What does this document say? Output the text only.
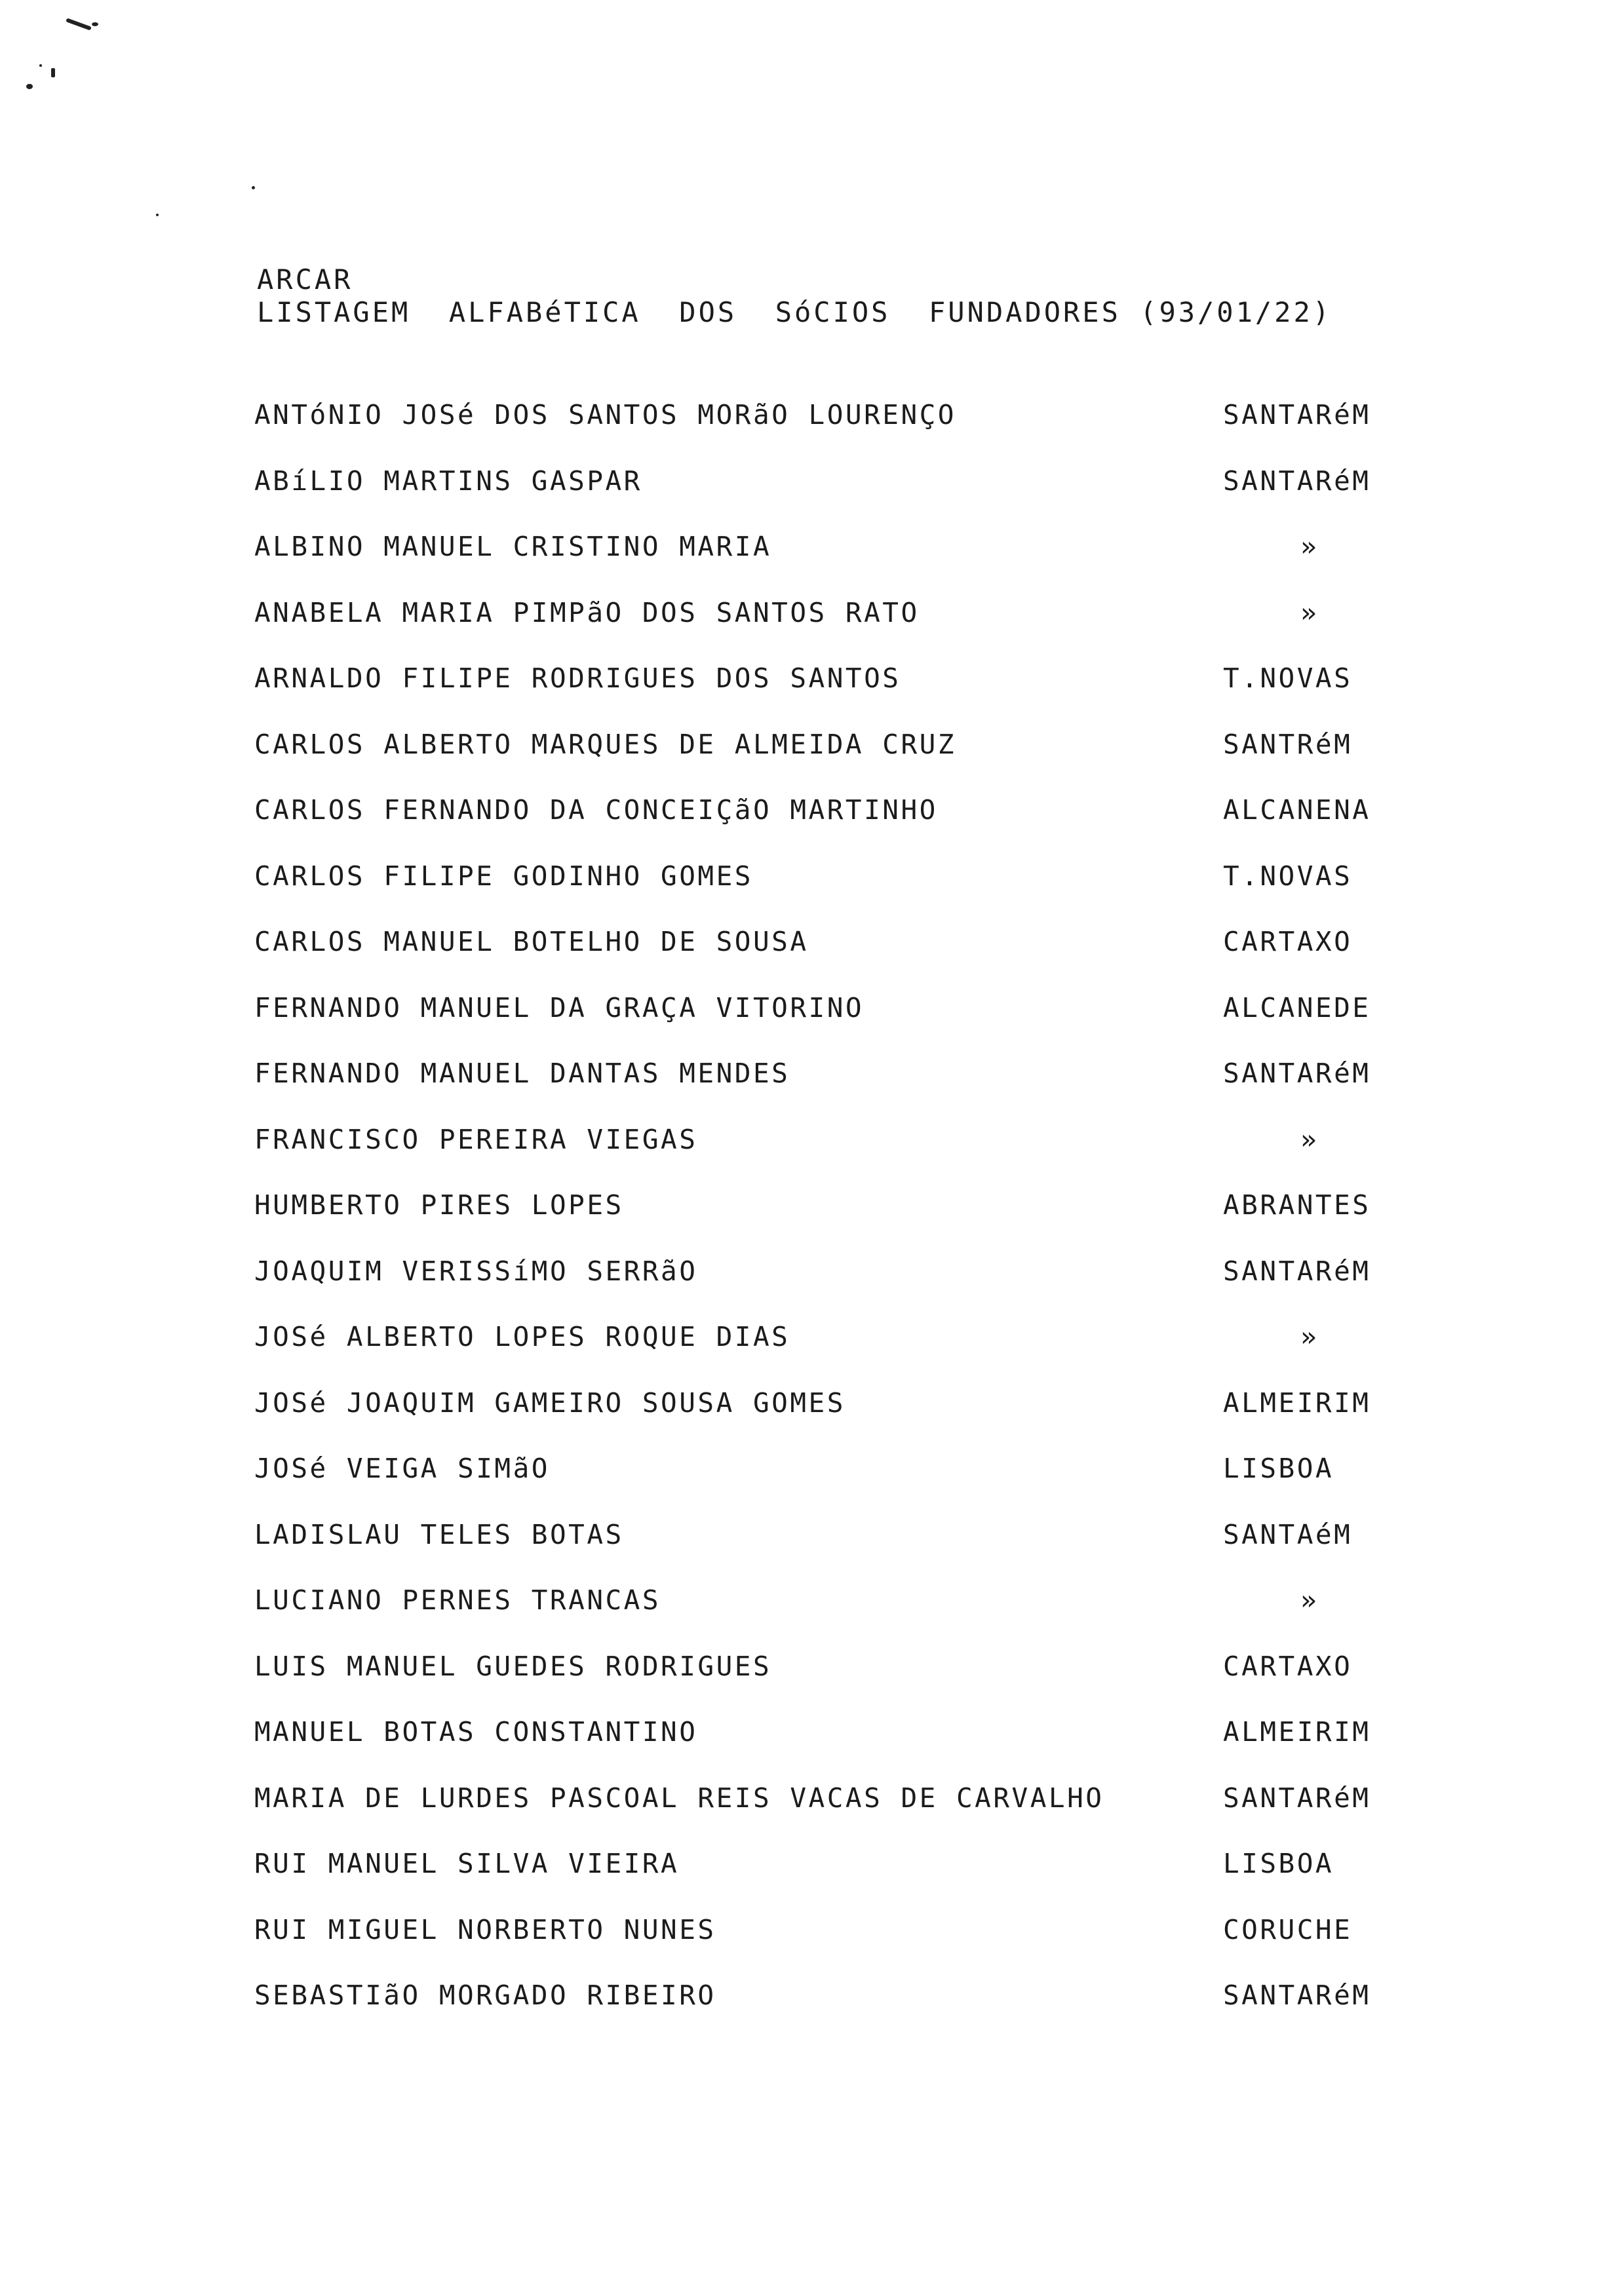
ARCAR
LISTAGEM  ALFABéTICA  DOS  SóCIOS  FUNDADORES (93/01/22)
ANTóNIO JOSé DOS SANTOS MORãO LOURENÇO	SANTARéM
ABíLIO MARTINS GASPAR	SANTARéM
ALBINO MANUEL CRISTINO MARIA	»
ANABELA MARIA PIMPãO DOS SANTOS RATO	»
ARNALDO FILIPE RODRIGUES DOS SANTOS	T.NOVAS
CARLOS ALBERTO MARQUES DE ALMEIDA CRUZ	SANTRéM
CARLOS FERNANDO DA CONCEIÇãO MARTINHO	ALCANENA
CARLOS FILIPE GODINHO GOMES	T.NOVAS
CARLOS MANUEL BOTELHO DE SOUSA	CARTAXO
FERNANDO MANUEL DA GRAÇA VITORINO	ALCANEDE
FERNANDO MANUEL DANTAS MENDES	SANTARéM
FRANCISCO PEREIRA VIEGAS	»
HUMBERTO PIRES LOPES	ABRANTES
JOAQUIM VERISSíMO SERRãO	SANTARéM
JOSé ALBERTO LOPES ROQUE DIAS	»
JOSé JOAQUIM GAMEIRO SOUSA GOMES	ALMEIRIM
JOSé VEIGA SIMãO	LISBOA
LADISLAU TELES BOTAS	SANTAéM
LUCIANO PERNES TRANCAS	»
LUIS MANUEL GUEDES RODRIGUES	CARTAXO
MANUEL BOTAS CONSTANTINO	ALMEIRIM
MARIA DE LURDES PASCOAL REIS VACAS DE CARVALHO	SANTARéM
RUI MANUEL SILVA VIEIRA	LISBOA
RUI MIGUEL NORBERTO NUNES	CORUCHE
SEBASTIãO MORGADO RIBEIRO	SANTARéM
